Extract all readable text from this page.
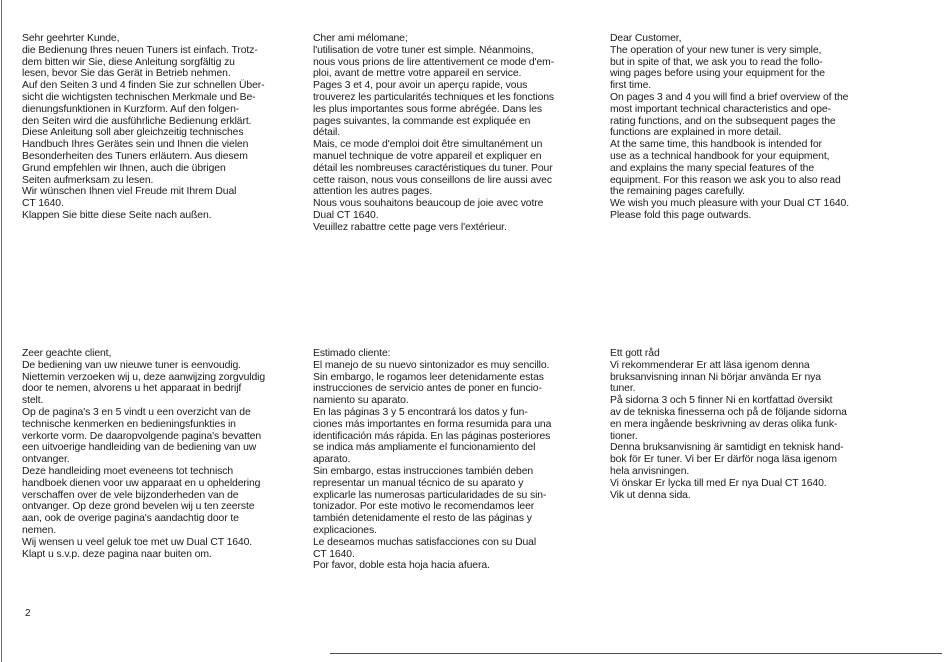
Sehr geehrter Kunde,

die Bedienung Ihres neuen Tuners ist einfach. Trotz-

dem bitten wir Sie, diese Anleitung sorgfältig zu

lesen, bevor Sie das Gerät in Betrieb nehmen.

Auf den Seiten 3 und 4 finden Sie zur schnellen Über-

sicht die wichtigsten technischen Merkmale und Be-

dienungsfunktionen in Kurzform. Auf den folgen-

den Seiten wird die ausführliche Bedienung erklärt.

Diese Anleitung soll aber gleichzeitig technisches

Handbuch Ihres Gerätes sein und Ihnen die vielen

Besonderheiten des Tuners erläutern. Aus diesem

Grund empfehlen wir Ihnen, auch die übrigen

Seiten aufmerksam zu lesen.

Wir wünschen Ihnen viel Freude mit Ihrem Dual

CT 1640.

Klappen Sie bitte diese Seite nach außen.

Cher ami mélomane;

l'utilisation de votre tuner est simple. Néanmoins,

nous vous prions de lire attentivement ce mode d'em-

ploi, avant de mettre votre appareil en service.

Pages 3 et 4, pour avoir un aperçu rapide, vous

trouverez les particularités techniques et les fonctions

les plus importantes sous forme abrégée. Dans les

pages suivantes, la commande est expliquée en

détail.

Mais, ce mode d'emploi doit être simultanément un

manuel technique de votre appareil et expliquer en

détail les nombreuses caractéristiques du tuner. Pour

cette raison, nous vous conseillons de lire aussi avec

attention les autres pages.

Nous vous souhaitons beaucoup de joie avec votre

Dual CT 1640.

Veuillez rabattre cette page vers l'extérieur.

Dear Customer,

The operation of your new tuner is very simple,

but in spite of that, we ask you to read the follo-

wing pages before using your equipment for the

first time.

On pages 3 and 4 you will find a brief overview of the

most important technical characteristics and ope-

rating functions, and on the subsequent pages the

functions are explained in more detail.

At the same time, this handbook is intended for

use as a technical handbook for your equipment,

and explains the many special features of the

equipment. For this reason we ask you to also read

the remaining pages carefully.

We wish you much pleasure with your Dual CT 1640.

Please fold this page outwards.

Zeer geachte client,

De bediening van uw nieuwe tuner is eenvoudig.

Niettemin verzoeken wij u, deze aanwijzing zorgvuldig

door te nemen, alvorens u het apparaat in bedrijf

stelt.

Op de pagina's 3 en 5 vindt u een overzicht van de

technische kenmerken en bedieningsfunkties in

verkorte vorm. De daaropvolgende pagina's bevatten

een uitvoerige handleiding van de bediening van uw

ontvanger.

Deze handleiding moet eveneens tot technisch

handboek dienen voor uw apparaat en u opheldering

verschaffen over de vele bijzonderheden van de

ontvanger. Op deze grond bevelen wij u ten zeerste

aan, ook de overige pagina's aandachtig door te

nemen.

Wij wensen u veel geluk toe met uw Dual CT 1640.

Klapt u s.v.p. deze pagina naar buiten om.

Estimado cliente:

El manejo de su nuevo sintonizador es muy sencillo.

Sin embargo, le rogamos leer detenidamente estas

instrucciones de servicio antes de poner en funcio-

namiento su aparato.

En las páginas 3 y 5 encontrará los datos y fun-

ciones más importantes en forma resumida para una

identificación más rápida. En las páginas posteriores

se indica más ampliamente el funcionamiento del

aparato.

Sin embargo, estas instrucciones también deben

representar un manual técnico de su aparato y

explicarle las numerosas particularidades de su sin-

tonizador. Por este motivo le recomendamos leer

también detenidamente el resto de las páginas y

explicaciones.

Le deseamos muchas satisfacciones con su Dual

CT 1640.

Por favor, doble esta hoja hacia afuera.

Ett gott råd

Vi rekommenderar Er att läsa igenom denna

bruksanvisning innan Ni börjar använda Er nya

tuner.

På sidorna 3 och 5 finner Ni en kortfattad översikt

av de tekniska finesserna och på de följande sidorna

en mera ingående beskrivning av deras olika funk-

tioner.

Denna bruksanvisning är samtidigt en teknisk hand-

bok för Er tuner. Vi ber Er därför noga läsa igenom

hela anvisningen.

Vi önskar Er lycka till med Er nya Dual CT 1640.

Vik ut denna sida.

2
